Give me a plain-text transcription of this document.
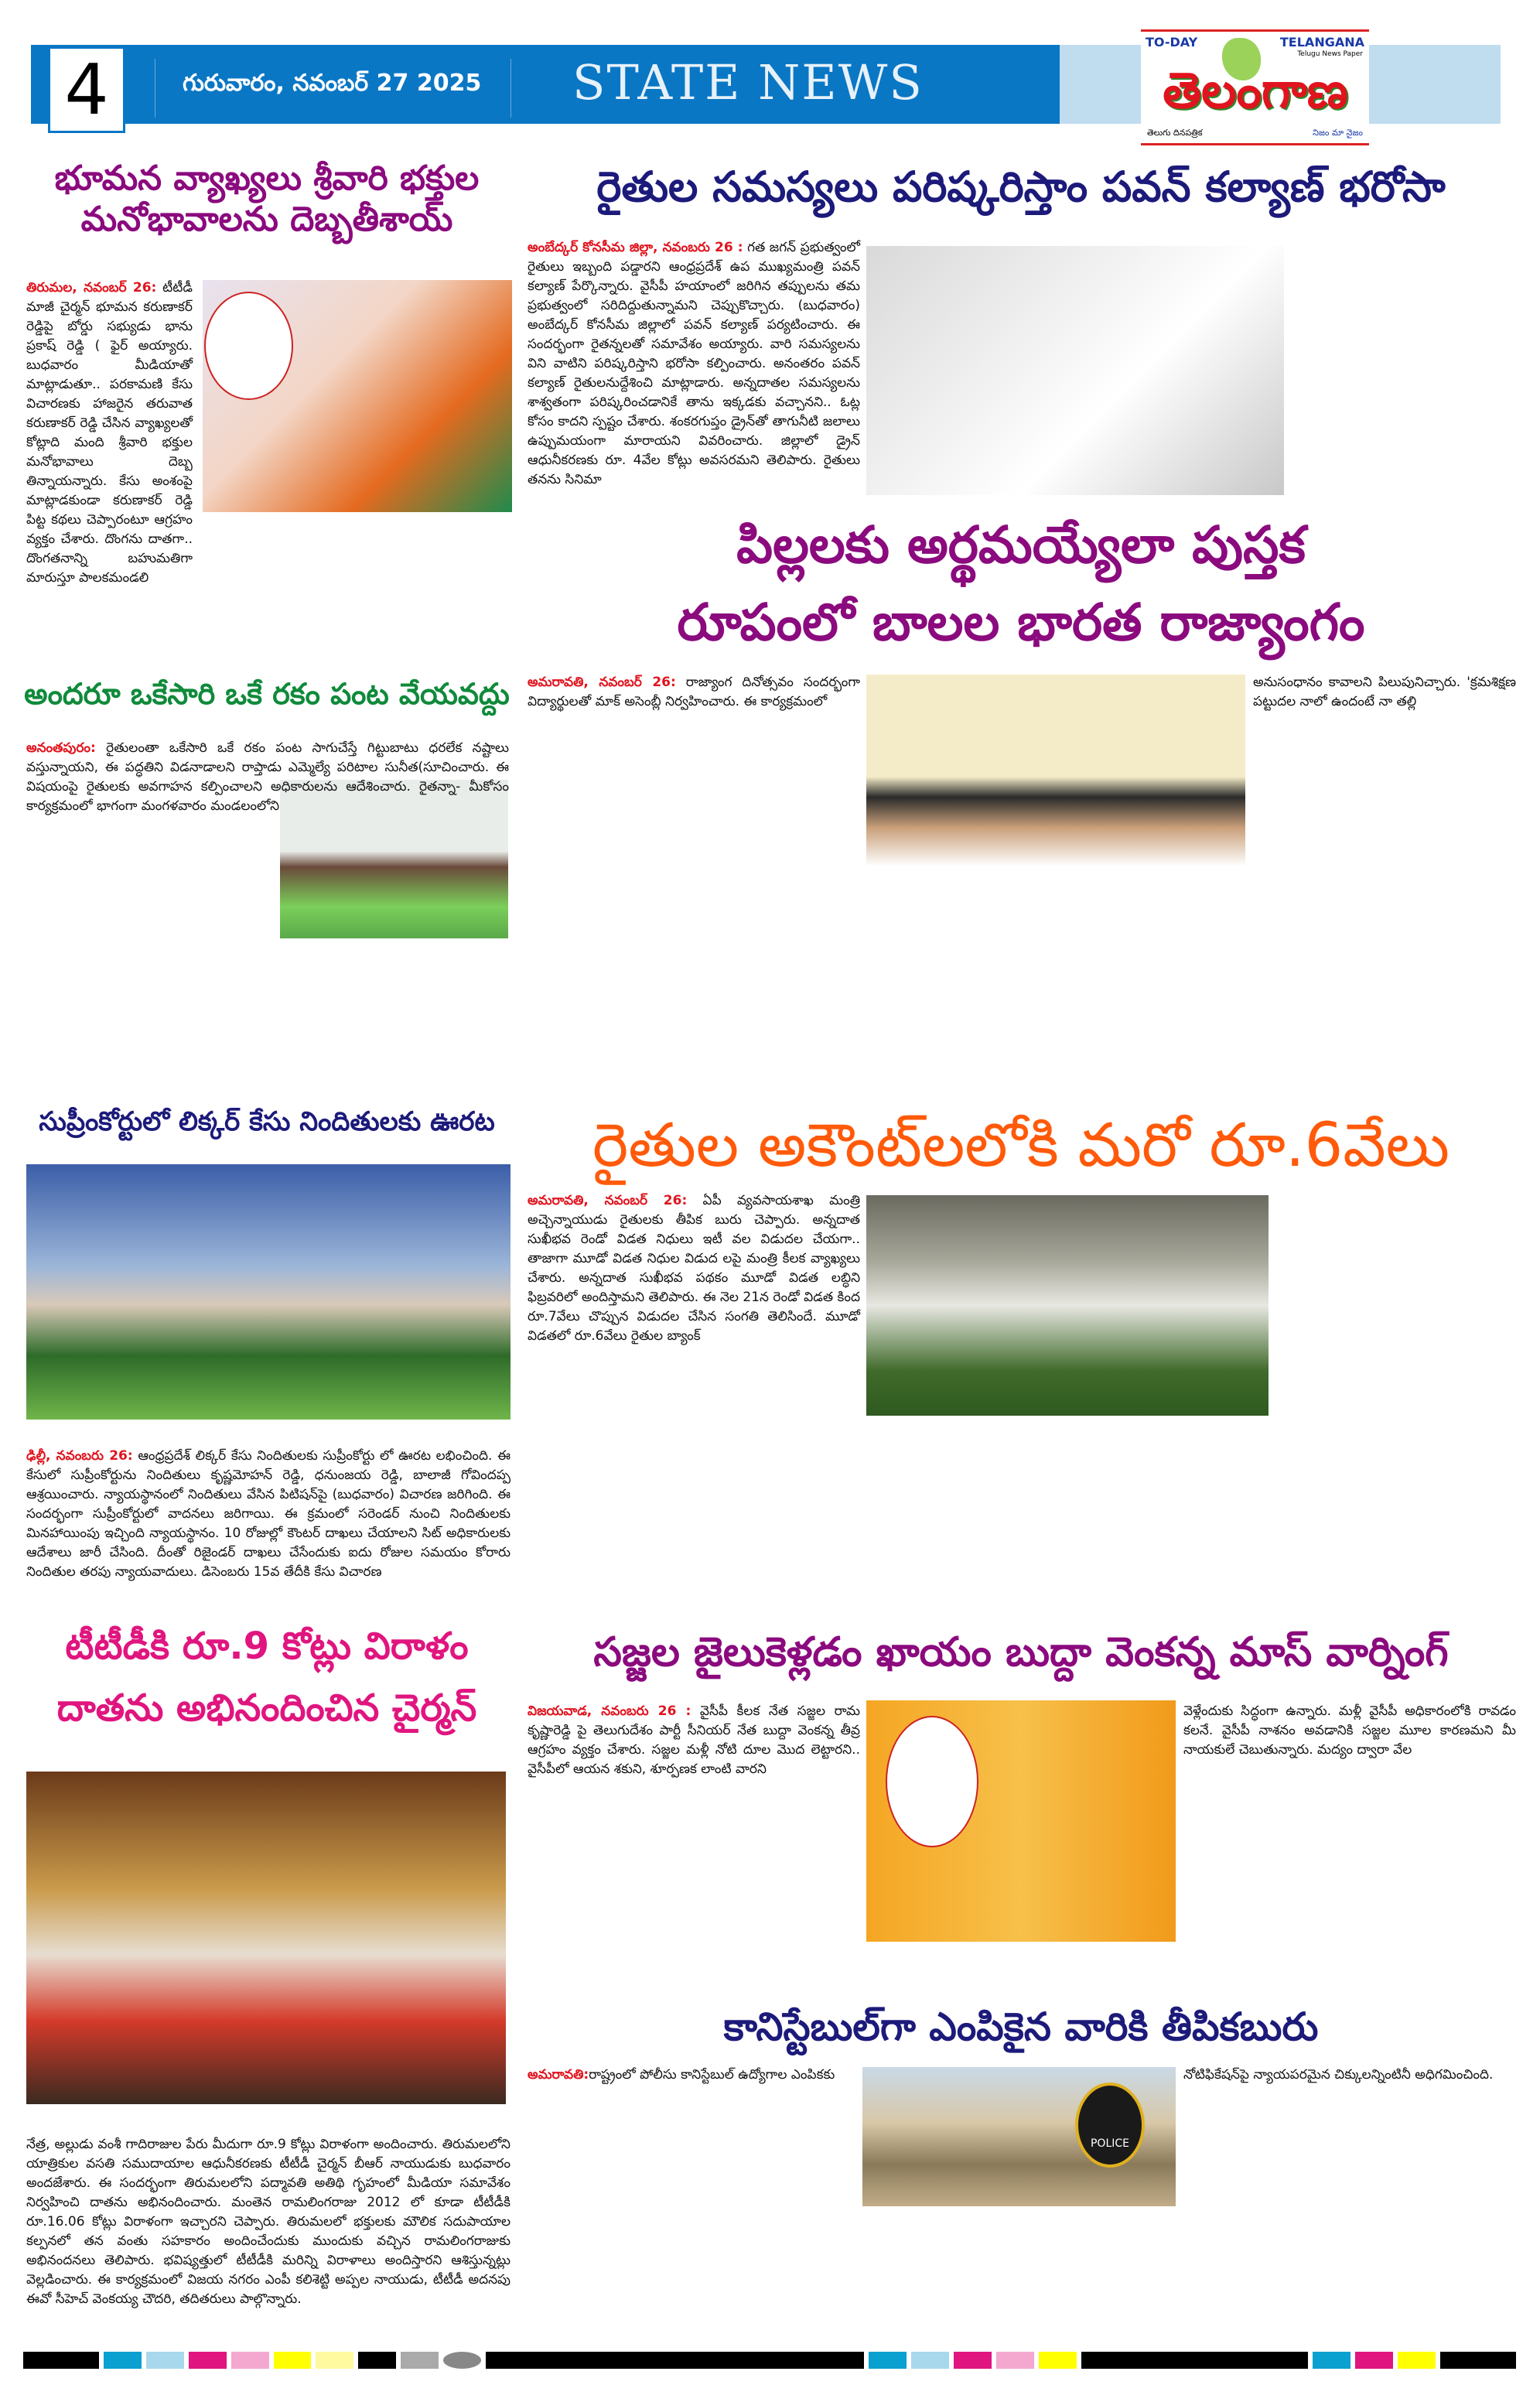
4	గురువారం, నవంబర్ 27 2025 STATE NEWS
TO-DAY	TELANGANA
Telugu News Paper
తెలంగాణ
తెలుగు దినపత్రిక	నిజం మా నైజం
భూమన వ్యాఖ్యలు శ్రీవారి భక్తుల మనోభావాలను దెబ్బతీశాయ్
తిరుమల, నవంబర్ 26: టీటీడీ మాజీ చైర్మన్ భూమన కరుణాకర్ రెడ్డిపై బోర్డు సభ్యుడు భాను ప్రకాష్ రెడ్డి ( ఫైర్ అయ్యారు. బుధవారం మీడియాతో మాట్లాడుతూ.. పరకామణి కేసు విచారణకు హాజరైన తరువాత కరుణాకర్ రెడ్డి చేసిన వ్యాఖ్యలతో కోట్లాది మంది శ్రీవారి భక్తుల మనోభావాలు దెబ్బ తిన్నాయన్నారు. కేసు అంశంపై మాట్లాడకుండా కరుణాకర్ రెడ్డి పిట్ట కథలు చెప్పారంటూ ఆగ్రహం వ్యక్తం చేశారు. దొంగను దాతగా.. దొంగతనాన్ని బహుమతిగా మారుస్తూ పాలకమండలి
అందరూ ఒకేసారి ఒకే రకం పంట వేయవద్దు
అనంతపురం: రైతులంతా ఒకేసారి ఒకే రకం పంట సాగుచేస్తే గిట్టుబాటు ధరలేక నష్టాలు వస్తున్నాయని, ఈ పద్ధతిని విడనాడాలని రాప్తాడు ఎమ్మెల్యే పరిటాల సునీత(సూచించారు. ఈ విషయంపై రైతులకు అవగాహన కల్పించాలని అధికారులను ఆదేశించారు. రైతన్నా- మీకోసం కార్యక్రమంలో భాగంగా మంగళవారం మండలంలోని
సుప్రీంకోర్టులో లిక్కర్ కేసు నిందితులకు ఊరట
ఢిల్లీ, నవంబరు 26: ఆంధ్రప్రదేశ్ లిక్కర్ కేసు నిందితులకు సుప్రీంకోర్టు లో ఊరట లభించింది. ఈ కేసులో సుప్రీంకోర్టును నిందితులు కృష్ణమోహన్ రెడ్డి, ధనుంజయ రెడ్డి, బాలాజీ గోవిందప్ప ఆశ్రయించారు. న్యాయస్థానంలో నిందితులు వేసిన పిటిషన్‌పై (బుధవారం) విచారణ జరిగింది. ఈ సందర్భంగా సుప్రీంకోర్టులో వాదనలు జరిగాయి. ఈ క్రమంలో సరెండర్ నుంచి నిందితులకు మినహాయింపు ఇచ్చింది న్యాయస్థానం. 10 రోజుల్లో కౌంటర్ దాఖలు చేయాలని సిట్ అధికారులకు ఆదేశాలు జారీ చేసింది. దీంతో రిజైండర్ దాఖలు చేసేందుకు ఐదు రోజుల సమయం కోరారు నిందితుల తరపు న్యాయవాదులు. డిసెంబరు 15వ తేదీకి కేసు విచారణ
టీటీడీకి రూ.9 కోట్లు విరాళం
దాతను అభినందించిన చైర్మన్
నేత్ర, అల్లుడు వంశీ గాదిరాజుల పేరు మీదుగా రూ.9 కోట్లు విరాళంగా అందించారు. తిరుమలలోని యాత్రికుల వసతి సముదాయాల ఆధునీకరణకు టీటీడీ చైర్మన్ బీఆర్ నాయుడుకు బుధవారం అందజేశారు. ఈ సందర్భంగా తిరుమలలోని పద్మావతి అతిథి గృహంలో మీడియా సమావేశం నిర్వహించి దాతను అభినందించారు. మంతెన రామలింగరాజు 2012 లో కూడా టీటీడీకి రూ.16.06 కోట్లు విరాళంగా ఇచ్చారని చెప్పారు. తిరుమలలో భక్తులకు మౌలిక సదుపాయాల కల్పనలో తన వంతు సహకారం అందించేందుకు ముందుకు వచ్చిన రామలింగరాజుకు అభినందనలు తెలిపారు. భవిష్యత్తులో టీటీడీకి మరిన్ని విరాళాలు అందిస్తారని ఆశిస్తున్నట్లు వెల్లడించారు. ఈ కార్యక్రమంలో విజయ నగరం ఎంపీ కలిశెట్టి అప్పల నాయుడు, టీటీడీ అదనపు ఈవో సీహెచ్ వెంకయ్య చౌదరి, తదితరులు పాల్గొన్నారు.
రైతుల సమస్యలు పరిష్కరిస్తాం పవన్ కల్యాణ్ భరోసా
అంబేద్కర్ కోనసీమ జిల్లా, నవంబరు 26 : గత జగన్ ప్రభుత్వంలో రైతులు ఇబ్బంది పడ్డారని ఆంధ్రప్రదేశ్ ఉప ముఖ్యమంత్రి పవన్ కల్యాణ్ పేర్కొన్నారు. వైసీపీ హయాంలో జరిగిన తప్పులను తమ ప్రభుత్వంలో సరిదిద్దుతున్నామని చెప్పుకొచ్చారు. (బుధవారం) అంబేద్కర్ కోనసీమ జిల్లాలో పవన్ కల్యాణ్ పర్యటించారు. ఈ సందర్భంగా రైతన్నలతో సమావేశం అయ్యారు. వారి సమస్యలను విని వాటిని పరిష్కరిస్తాని భరోసా కల్పించారు. అనంతరం పవన్ కల్యాణ్ రైతులనుద్దేశించి మాట్లాడారు. అన్నదాతల సమస్యలను శాశ్వతంగా పరిష్కరించడానికే తాను ఇక్కడకు వచ్చానని.. ఓట్ల కోసం కాదని స్పష్టం చేశారు. శంకరగుప్తం డ్రైన్‌తో తాగునీటి జలాలు ఉప్పుమయంగా మారాయని వివరించారు. జిల్లాలో డ్రైన్ ఆధునీకరణకు రూ. 4వేల కోట్లు అవసరమని తెలిపారు. రైతులు తనను సినిమా
పిల్లలకు అర్థమయ్యేలా పుస్తక
రూపంలో బాలల భారత రాజ్యాంగం
అమరావతి, నవంబర్ 26: రాజ్యాంగ దినోత్సవం సందర్భంగా విద్యార్థులతో మాక్ అసెంబ్లీ నిర్వహించారు. ఈ కార్యక్రమంలో
అనుసంధానం కావాలని పిలుపునిచ్చారు. 'క్రమశిక్షణ పట్టుదల నాలో ఉందంటే నా తల్లి
రైతుల అకౌంట్‌లలోకి మరో రూ.6వేలు
అమరావతి, నవంబర్ 26: ఏపీ వ్యవసాయశాఖ మంత్రి అచ్చెన్నాయుడు రైతులకు తీపిక బురు చెప్పారు. అన్నదాత సుఖీభవ రెండో విడత నిధులు ఇటీ వల విడుదల చేయగా.. తాజాగా మూడో విడత నిధుల విడుద లపై మంత్రి కీలక వ్యాఖ్యలు చేశారు. అన్నదాత సుఖీభవ పథకం మూడో విడత లబ్ధిని ఫిబ్రవరిలో అందిస్తామని తెలిపారు. ఈ నెల 21న రెండో విడత కింద రూ.7వేలు చొప్పున విడుదల చేసిన సంగతి తెలిసిందే. మూడో విడతలో రూ.6వేలు రైతుల బ్యాంక్
సజ్జల జైలుకెళ్లడం ఖాయం బుద్దా వెంకన్న మాస్ వార్నింగ్
విజయవాడ, నవంబరు 26 : వైసీపీ కీలక నేత సజ్జల రామ కృష్ణారెడ్డి పై తెలుగుదేశం పార్టీ సీనియర్ నేత బుద్దా వెంకన్న తీవ్ర ఆగ్రహం వ్యక్తం చేశారు. సజ్జల మళ్లీ నోటి దూల మొద లెట్టారని.. వైసీపీలో ఆయన శకుని, శూర్పణక లాంటి వారని
వెళ్లేందుకు సిద్ధంగా ఉన్నారు. మళ్లీ వైసీపీ అధికారంలోకి రావడం కలనే. వైసీపీ నాశనం అవడానికి సజ్జల మూల కారణమని మీ నాయకులే చెబుతున్నారు. మద్యం ద్వారా వేల
కానిస్టేబుల్‌గా ఎంపికైన వారికి తీపికబురు
POLICE
అమరావతి:రాష్ట్రంలో పోలీసు కానిస్టేబుల్ ఉద్యోగాల ఎంపికకు	నోటిఫికేషన్‌పై న్యాయపరమైన చిక్కులన్నింటినీ అధిగమించింది.
